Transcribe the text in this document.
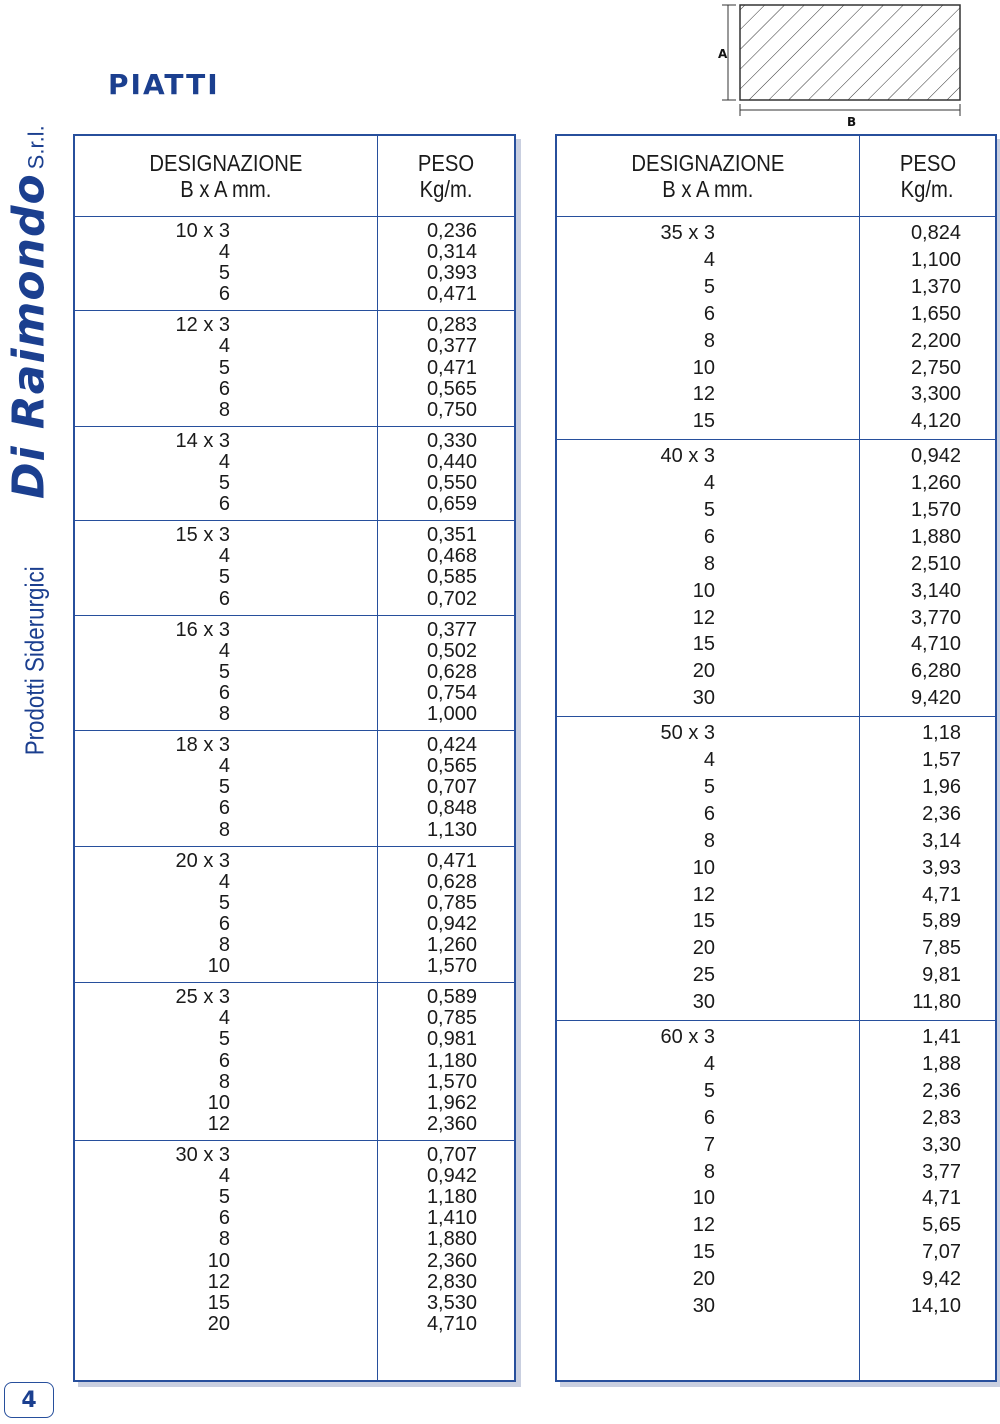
PIATTI
Prodotti Siderurgici
Di RaimondoS.r.l.
A
B
DESIGNAZIONE
B x A mm.
PESO
Kg/m.
10 x 3	0,236
4	0,314
5	0,393
6	0,471
12 x 3	0,283
4	0,377
5	0,471
6	0,565
8	0,750
14 x 3	0,330
4	0,440
5	0,550
6	0,659
15 x 3	0,351
4	0,468
5	0,585
6	0,702
16 x 3	0,377
4	0,502
5	0,628
6	0,754
8	1,000
18 x 3	0,424
4	0,565
5	0,707
6	0,848
8	1,130
20 x 3	0,471
4	0,628
5	0,785
6	0,942
8	1,260
10	1,570
25 x 3	0,589
4	0,785
5	0,981
6	1,180
8	1,570
10	1,962
12	2,360
30 x 3	0,707
4	0,942
5	1,180
6	1,410
8	1,880
10	2,360
12	2,830
15	3,530
20	4,710
DESIGNAZIONE
B x A mm.
PESO
Kg/m.
35 x 3	0,824
4	1,100
5	1,370
6	1,650
8	2,200
10	2,750
12	3,300
15	4,120
40 x 3	0,942
4	1,260
5	1,570
6	1,880
8	2,510
10	3,140
12	3,770
15	4,710
20	6,280
30	9,420
50 x 3	1,18
4	1,57
5	1,96
6	2,36
8	3,14
10	3,93
12	4,71
15	5,89
20	7,85
25	9,81
30	11,80
60 x 3	1,41
4	1,88
5	2,36
6	2,83
7	3,30
8	3,77
10	4,71
12	5,65
15	7,07
20	9,42
30	14,10
4
